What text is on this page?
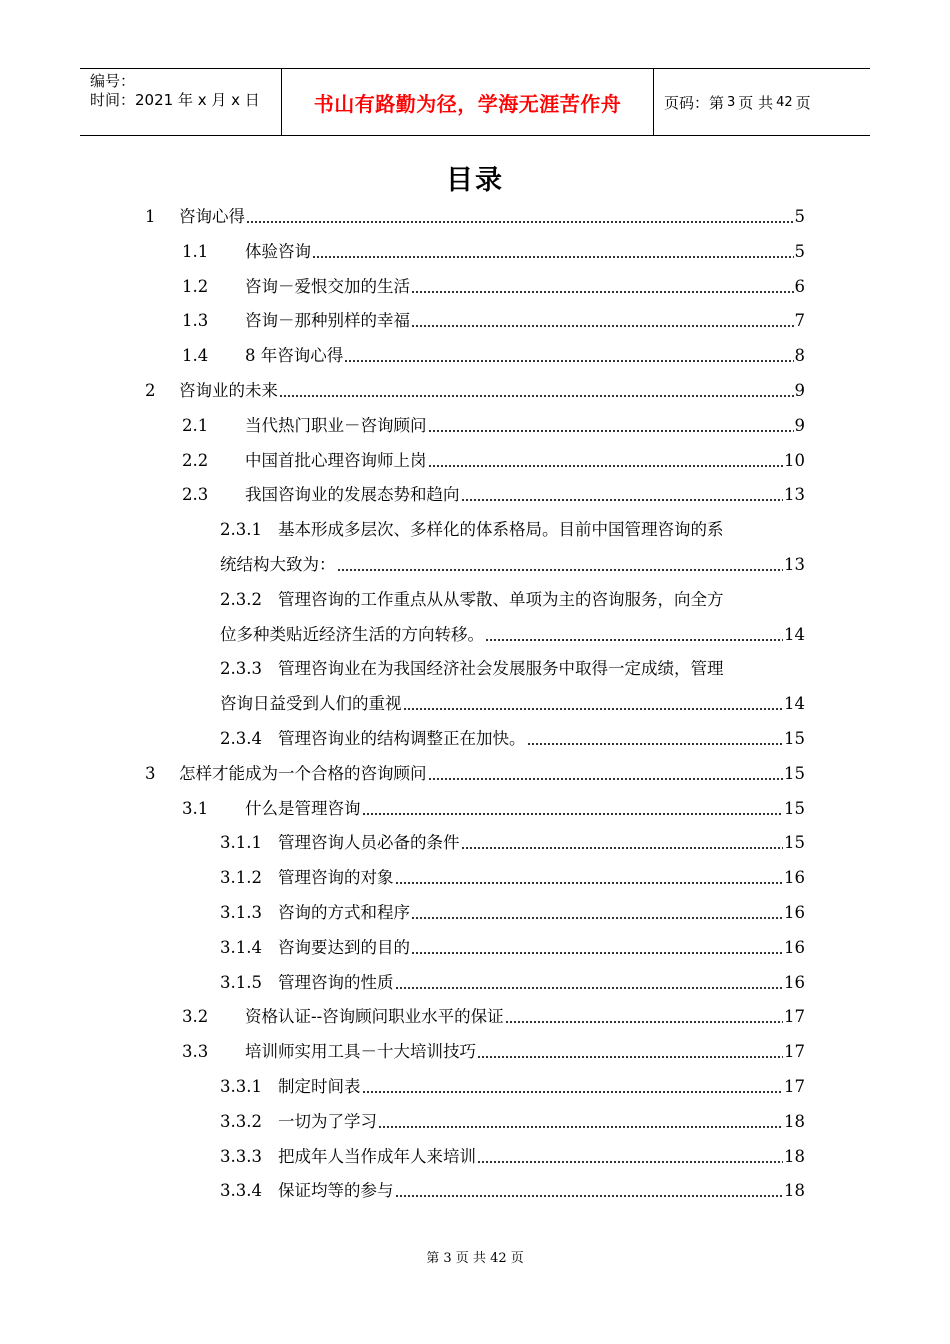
编号：
时间：2021 年 x 月 x 日	书山有路勤为径，学海无涯苦作舟	页码：第 3 页 共 42 页
目录
1	咨询心得	5
1.1	体验咨询	5
1.2	咨询－爱恨交加的生活	6
1.3	咨询－那种别样的幸福	7
1.4	8 年咨询心得	8
2	咨询业的未来	9
2.1	当代热门职业－咨询顾问	9
2.2	中国首批心理咨询师上岗	10
2.3	我国咨询业的发展态势和趋向	13
2.3.1 基本形成多层次、多样化的体系格局。目前中国管理咨询的系
统结构大致为：	13
2.3.2 管理咨询的工作重点从从零散、单项为主的咨询服务，向全方
位多种类贴近经济生活的方向转移。	14
2.3.3 管理咨询业在为我国经济社会发展服务中取得一定成绩，管理
咨询日益受到人们的重视	14
2.3.4 管理咨询业的结构调整正在加快。	15
3	怎样才能成为一个合格的咨询顾问	15
3.1	什么是管理咨询	15
3.1.1 管理咨询人员必备的条件	15
3.1.2 管理咨询的对象	16
3.1.3 咨询的方式和程序	16
3.1.4 咨询要达到的目的	16
3.1.5 管理咨询的性质	16
3.2	资格认证--咨询顾问职业水平的保证	17
3.3	培训师实用工具－十大培训技巧	17
3.3.1 制定时间表	17
3.3.2 一切为了学习	18
3.3.3 把成年人当作成年人来培训	18
3.3.4 保证均等的参与	18
第 3 页 共 42 页
